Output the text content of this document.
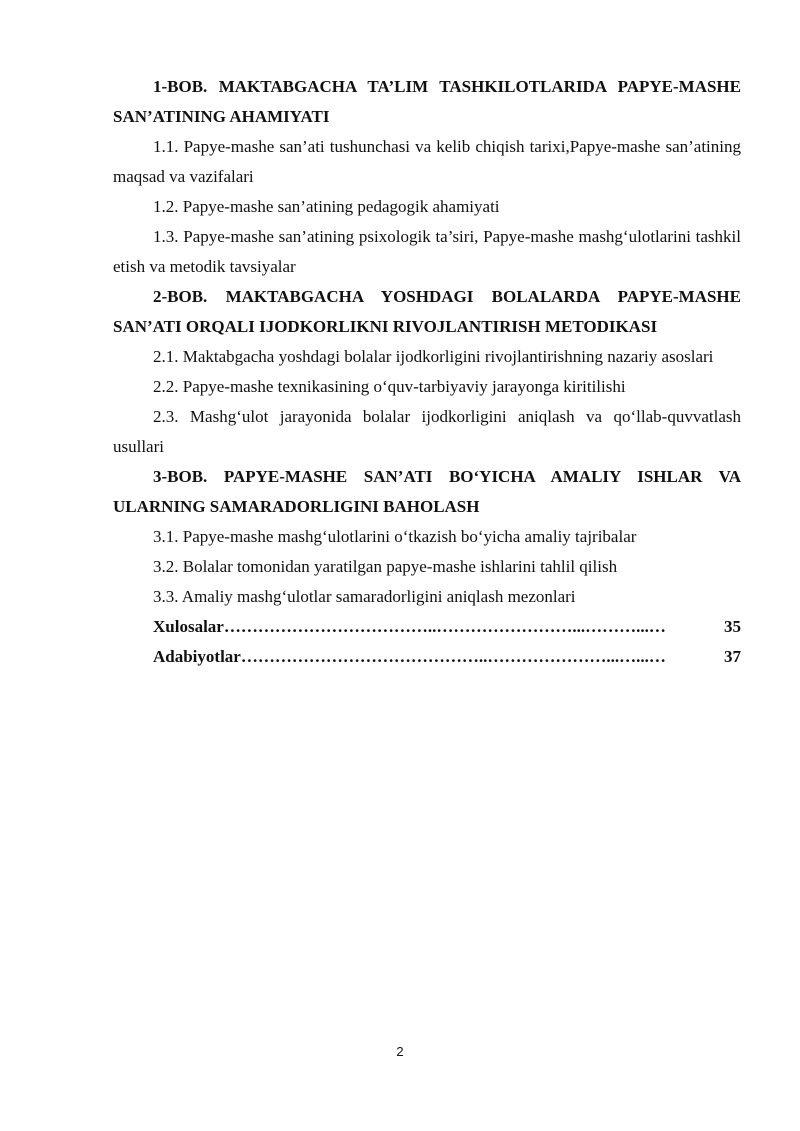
1-BOB. MAKTABGACHA TA’LIM TASHKILOTLARIDA PAPYE-MASHE SAN’ATINING AHAMIYATI

1.1. Papye-mashe san’ati tushunchasi va kelib chiqish tarixi,Papye-mashe san’atining maqsad va vazifalari

1.2. Papye-mashe san’atining pedagogik ahamiyati

1.3. Papye-mashe san’atining psixologik ta’siri, Papye-mashe mashg‘ulotlarini tashkil etish va metodik tavsiyalar

2-BOB. MAKTABGACHA YOSHDAGI BOLALARDA PAPYE-MASHE SAN’ATI ORQALI IJODKORLIKNI RIVOJLANTIRISH METODIKASI

2.1. Maktabgacha yoshdagi bolalar ijodkorligini rivojlantirishning nazariy asoslari

2.2. Papye-mashe texnikasining o‘quv-tarbiyaviy jarayonga kiritilishi

2.3. Mashg‘ulot jarayonida bolalar ijodkorligini aniqlash va qo‘llab-quvvatlash usullari

3-BOB. PAPYE-MASHE SAN’ATI BO‘YICHA AMALIY ISHLAR VA ULARNING SAMARADORLIGINI BAHOLASH

3.1. Papye-mashe mashg‘ulotlarini o‘tkazish bo‘yicha amaliy tajribalar

3.2. Bolalar tomonidan yaratilgan papye-mashe ishlarini tahlil qilish

3.3. Amaliy mashg‘ulotlar samaradorligini aniqlash mezonlari

Xulosalar ………………………………..……………………...………...…	35
Adabiyotlar ……………………………………..…………………...…...…	37
2
